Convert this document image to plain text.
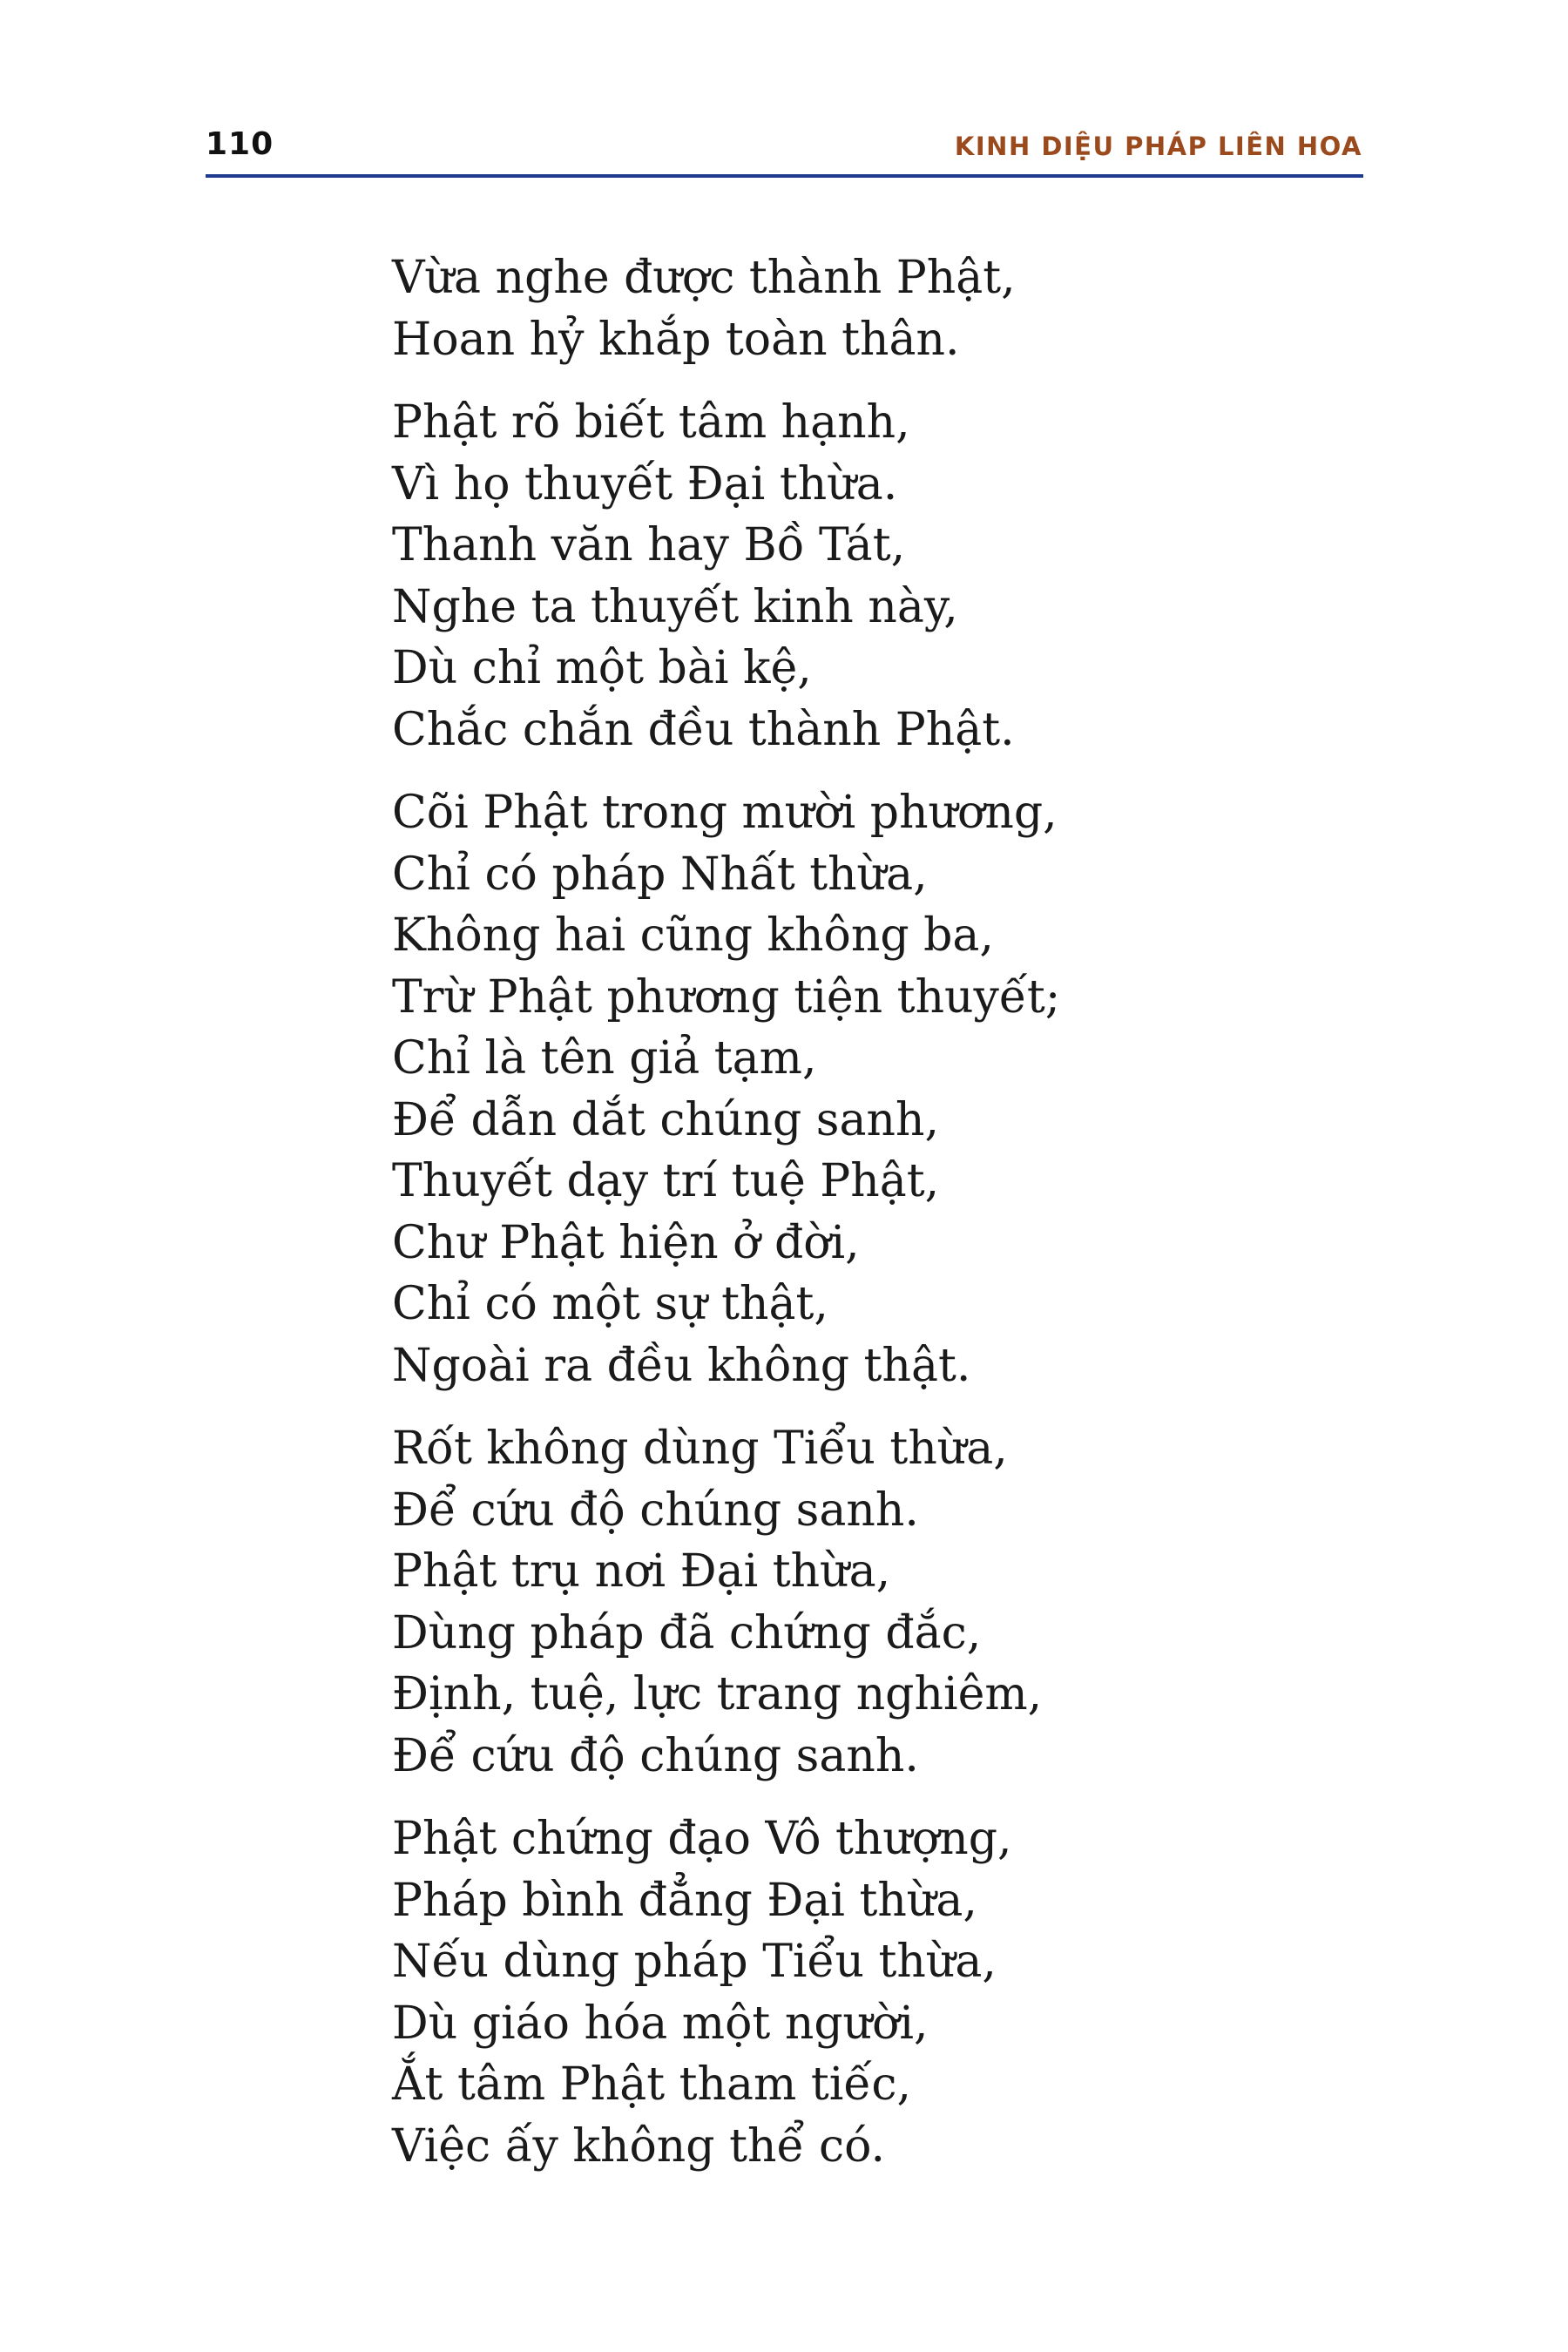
110	KINH DIỆU PHÁP LIÊN HOA
Vừa nghe được thành Phật,
Hoan hỷ khắp toàn thân.
Phật rõ biết tâm hạnh,
Vì họ thuyết Đại thừa.
Thanh văn hay Bồ Tát,
Nghe ta thuyết kinh này,
Dù chỉ một bài kệ,
Chắc chắn đều thành Phật.
Cõi Phật trong mười phương,
Chỉ có pháp Nhất thừa,
Không hai cũng không ba,
Trừ Phật phương tiện thuyết;
Chỉ là tên giả tạm,
Để dẫn dắt chúng sanh,
Thuyết dạy trí tuệ Phật,
Chư Phật hiện ở đời,
Chỉ có một sự thật,
Ngoài ra đều không thật.
Rốt không dùng Tiểu thừa,
Để cứu độ chúng sanh.
Phật trụ nơi Đại thừa,
Dùng pháp đã chứng đắc,
Định, tuệ, lực trang nghiêm,
Để cứu độ chúng sanh.
Phật chứng đạo Vô thượng,
Pháp bình đẳng Đại thừa,
Nếu dùng pháp Tiểu thừa,
Dù giáo hóa một người,
Ắt tâm Phật tham tiếc,
Việc ấy không thể có.
